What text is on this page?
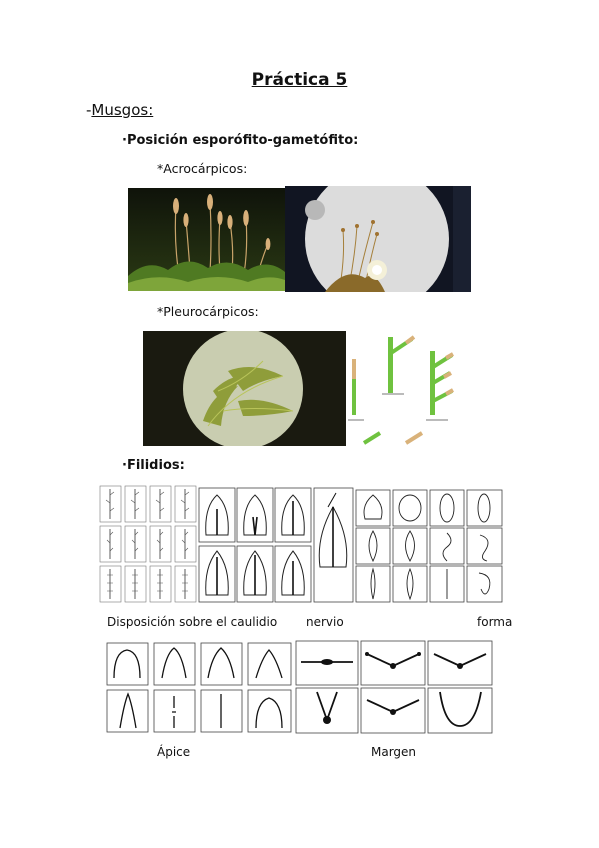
Práctica 5
-Musgos:
·Posición esporófito-gametófito:
*Acrocárpicos:
*Pleurocárpicos:
·Filidios:
Disposición sobre el caulidio nervio	forma
Ápice	Margen
